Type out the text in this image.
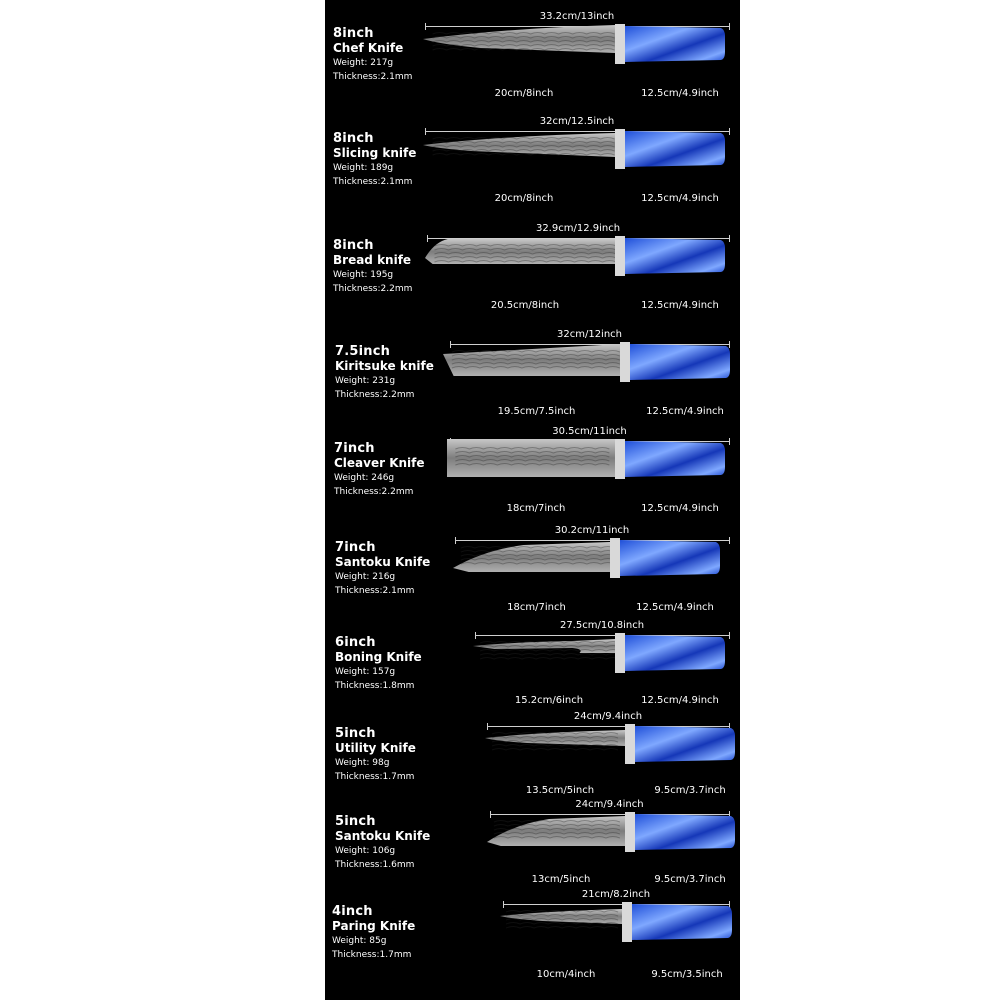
8inch
Chef Knife
Weight: 217g
Thickness:2.1mm
33.2cm/13inch
20cm/8inch	12.5cm/4.9inch
8inch
Slicing knife
Weight: 189g
Thickness:2.1mm
32cm/12.5inch
20cm/8inch	12.5cm/4.9inch
8inch
Bread knife
Weight: 195g
Thickness:2.2mm
32.9cm/12.9inch
20.5cm/8inch	12.5cm/4.9inch
7.5inch
Kiritsuke knife
Weight: 231g
Thickness:2.2mm
32cm/12inch
19.5cm/7.5inch	12.5cm/4.9inch
7inch
Cleaver Knife
Weight: 246g
Thickness:2.2mm
30.5cm/11inch
18cm/7inch	12.5cm/4.9inch
7inch
Santoku Knife
Weight: 216g
Thickness:2.1mm
30.2cm/11inch
18cm/7inch	12.5cm/4.9inch
6inch
Boning Knife
Weight: 157g
Thickness:1.8mm
27.5cm/10.8inch
15.2cm/6inch	12.5cm/4.9inch
5inch
Utility Knife
Weight: 98g
Thickness:1.7mm
24cm/9.4inch
13.5cm/5inch	9.5cm/3.7inch
5inch
Santoku Knife
Weight: 106g
Thickness:1.6mm
24cm/9.4inch
13cm/5inch	9.5cm/3.7inch
4inch
Paring Knife
Weight: 85g
Thickness:1.7mm
21cm/8.2inch
10cm/4inch	9.5cm/3.5inch
